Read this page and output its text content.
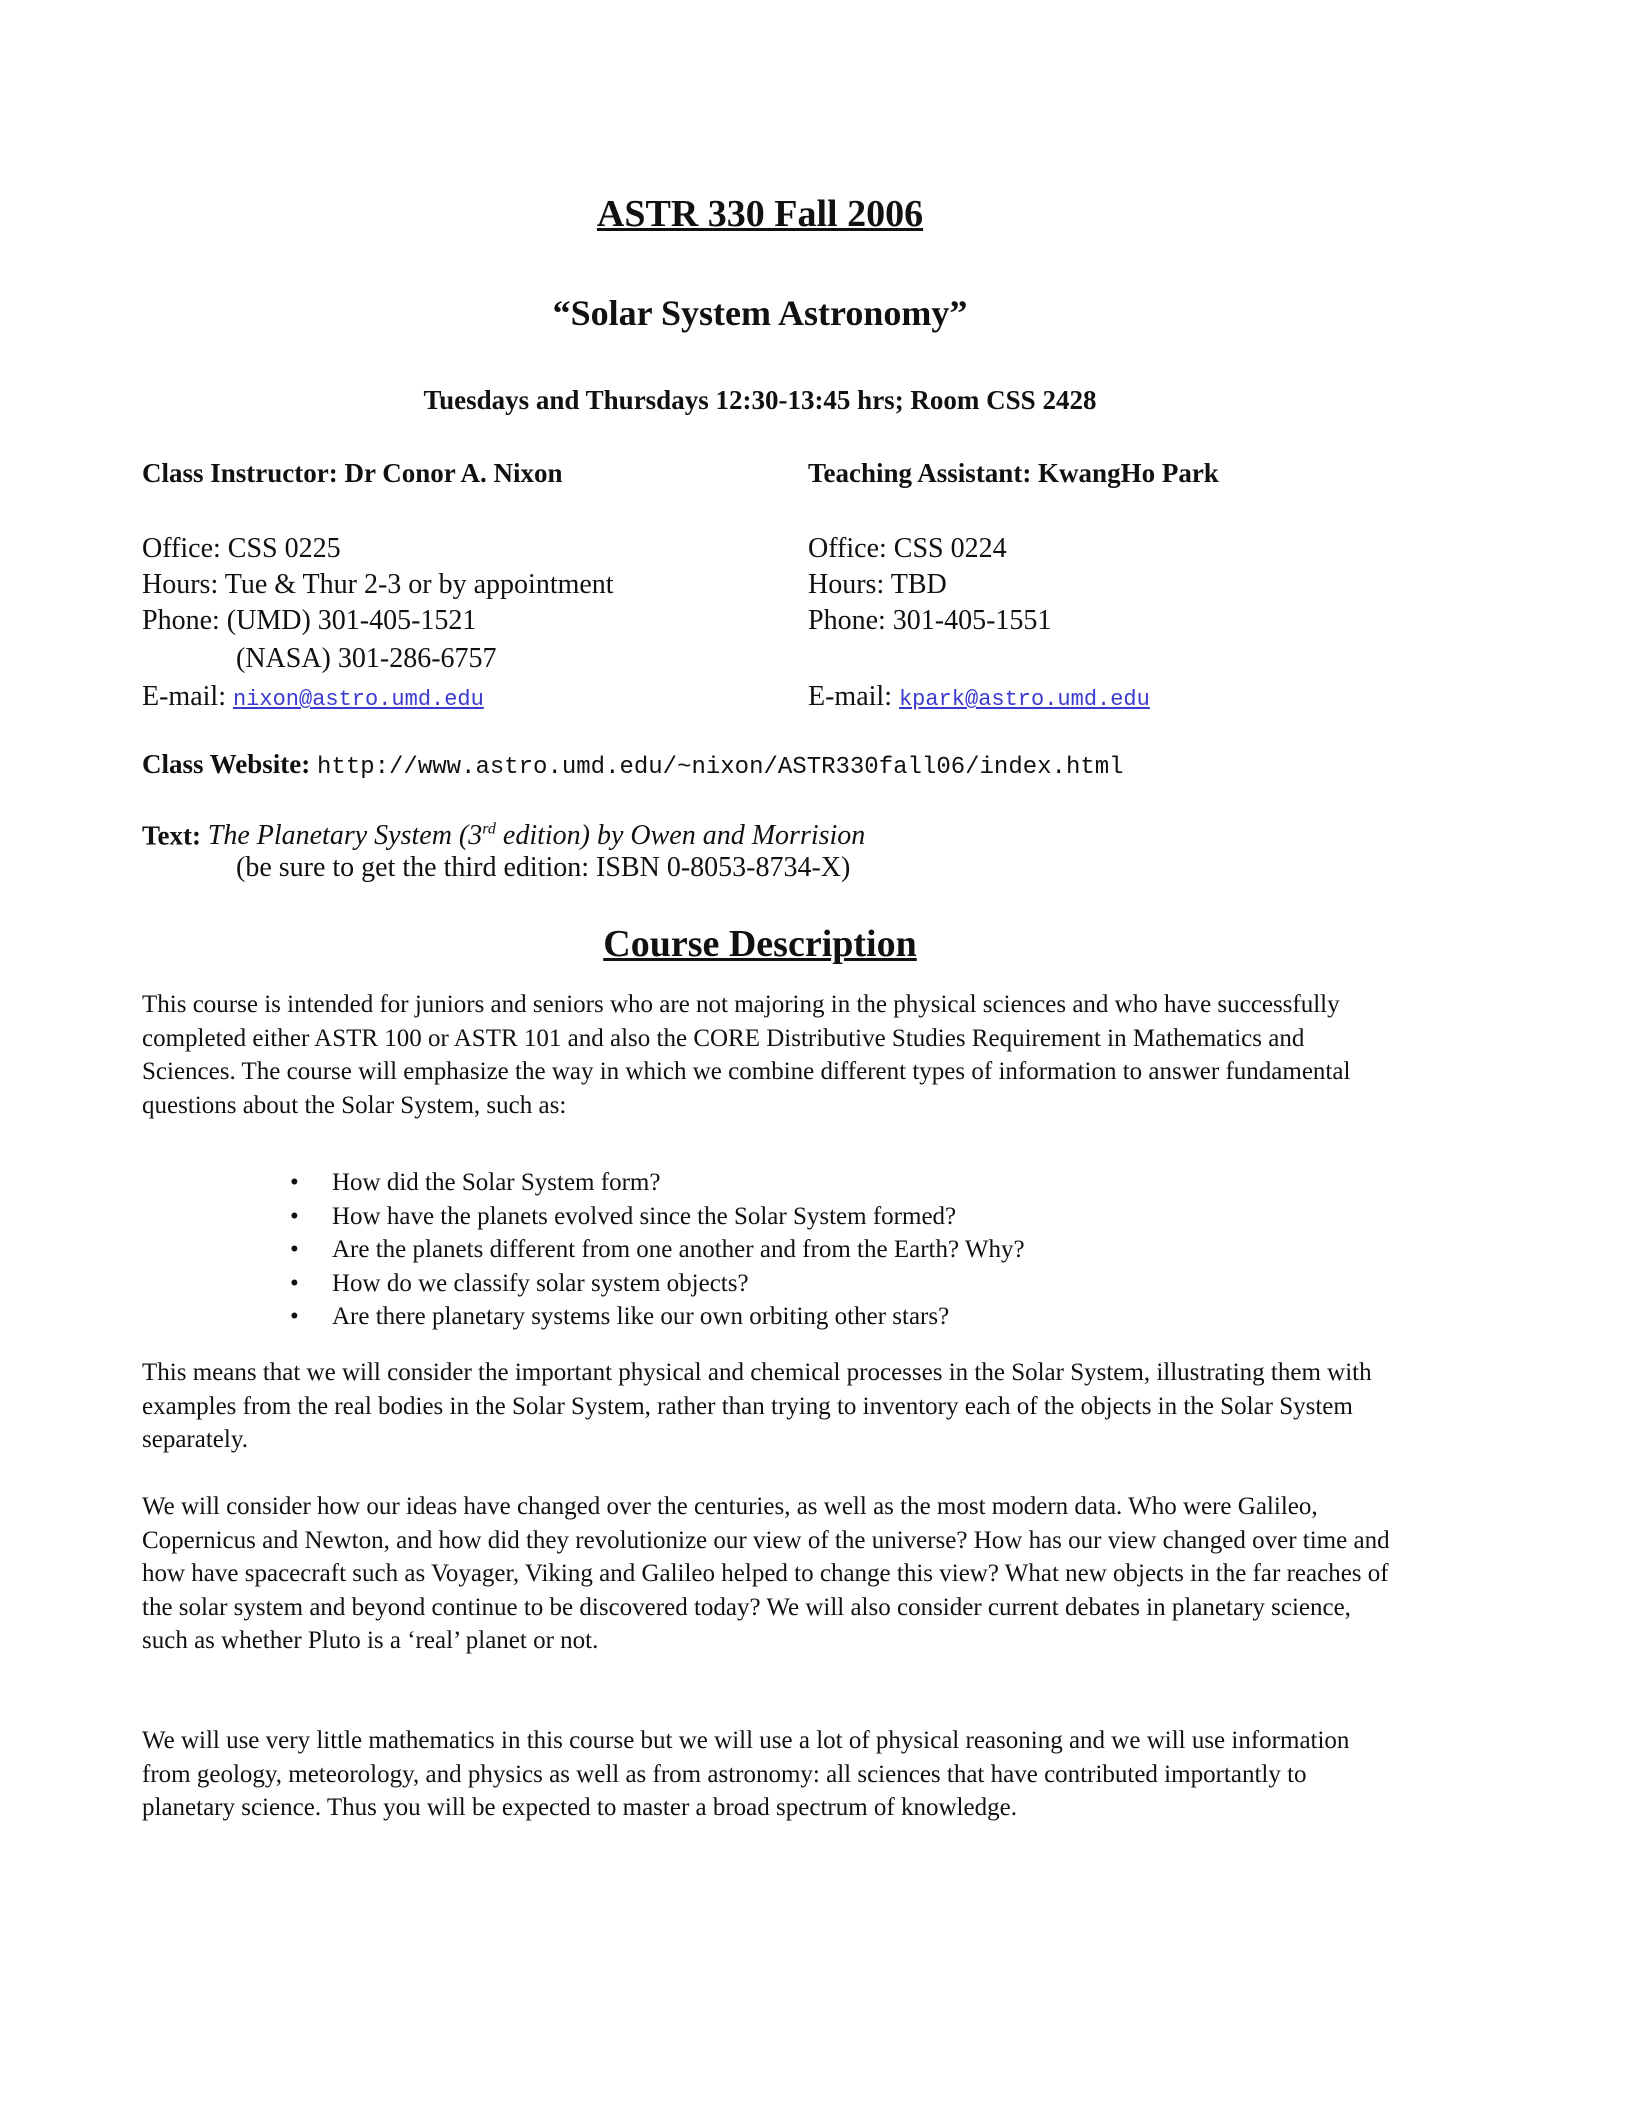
ASTR 330 Fall 2006
“Solar System Astronomy”
Tuesdays and Thursdays 12:30-13:45 hrs; Room CSS 2428
Class Instructor: Dr Conor A. Nixon
Office: CSS 0225
Hours: Tue & Thur 2-3 or by appointment
Phone: (UMD) 301-405-1521
(NASA) 301-286-6757
E-mail: nixon@astro.umd.edu
Teaching Assistant: KwangHo Park
Office: CSS 0224
Hours: TBD
Phone: 301-405-1551
E-mail: kpark@astro.umd.edu
Class Website: http://www.astro.umd.edu/~nixon/ASTR330fall06/index.html
Text: The Planetary System (3rd edition) by Owen and Morrision
(be sure to get the third edition: ISBN 0-8053-8734-X)
Course Description

This course is intended for juniors and seniors who are not majoring in the physical sciences and who have successfully completed either ASTR 100 or ASTR 101 and also the CORE Distributive Studies Requirement in Mathematics and Sciences. The course will emphasize the way in which we combine different types of information to answer fundamental questions about the Solar System, such as:

• How did the Solar System form?
• How have the planets evolved since the Solar System formed?
• Are the planets different from one another and from the Earth? Why?
• How do we classify solar system objects?
• Are there planetary systems like our own orbiting other stars?

This means that we will consider the important physical and chemical processes in the Solar System, illustrating them with examples from the real bodies in the Solar System, rather than trying to inventory each of the objects in the Solar System separately.

We will consider how our ideas have changed over the centuries, as well as the most modern data. Who were Galileo, Copernicus and Newton, and how did they revolutionize our view of the universe? How has our view changed over time and how have spacecraft such as Voyager, Viking and Galileo helped to change this view? What new objects in the far reaches of the solar system and beyond continue to be discovered today? We will also consider current debates in planetary science, such as whether Pluto is a ‘real’ planet or not.

We will use very little mathematics in this course but we will use a lot of physical reasoning and we will use information from geology, meteorology, and physics as well as from astronomy: all sciences that have contributed importantly to planetary science. Thus you will be expected to master a broad spectrum of knowledge.
